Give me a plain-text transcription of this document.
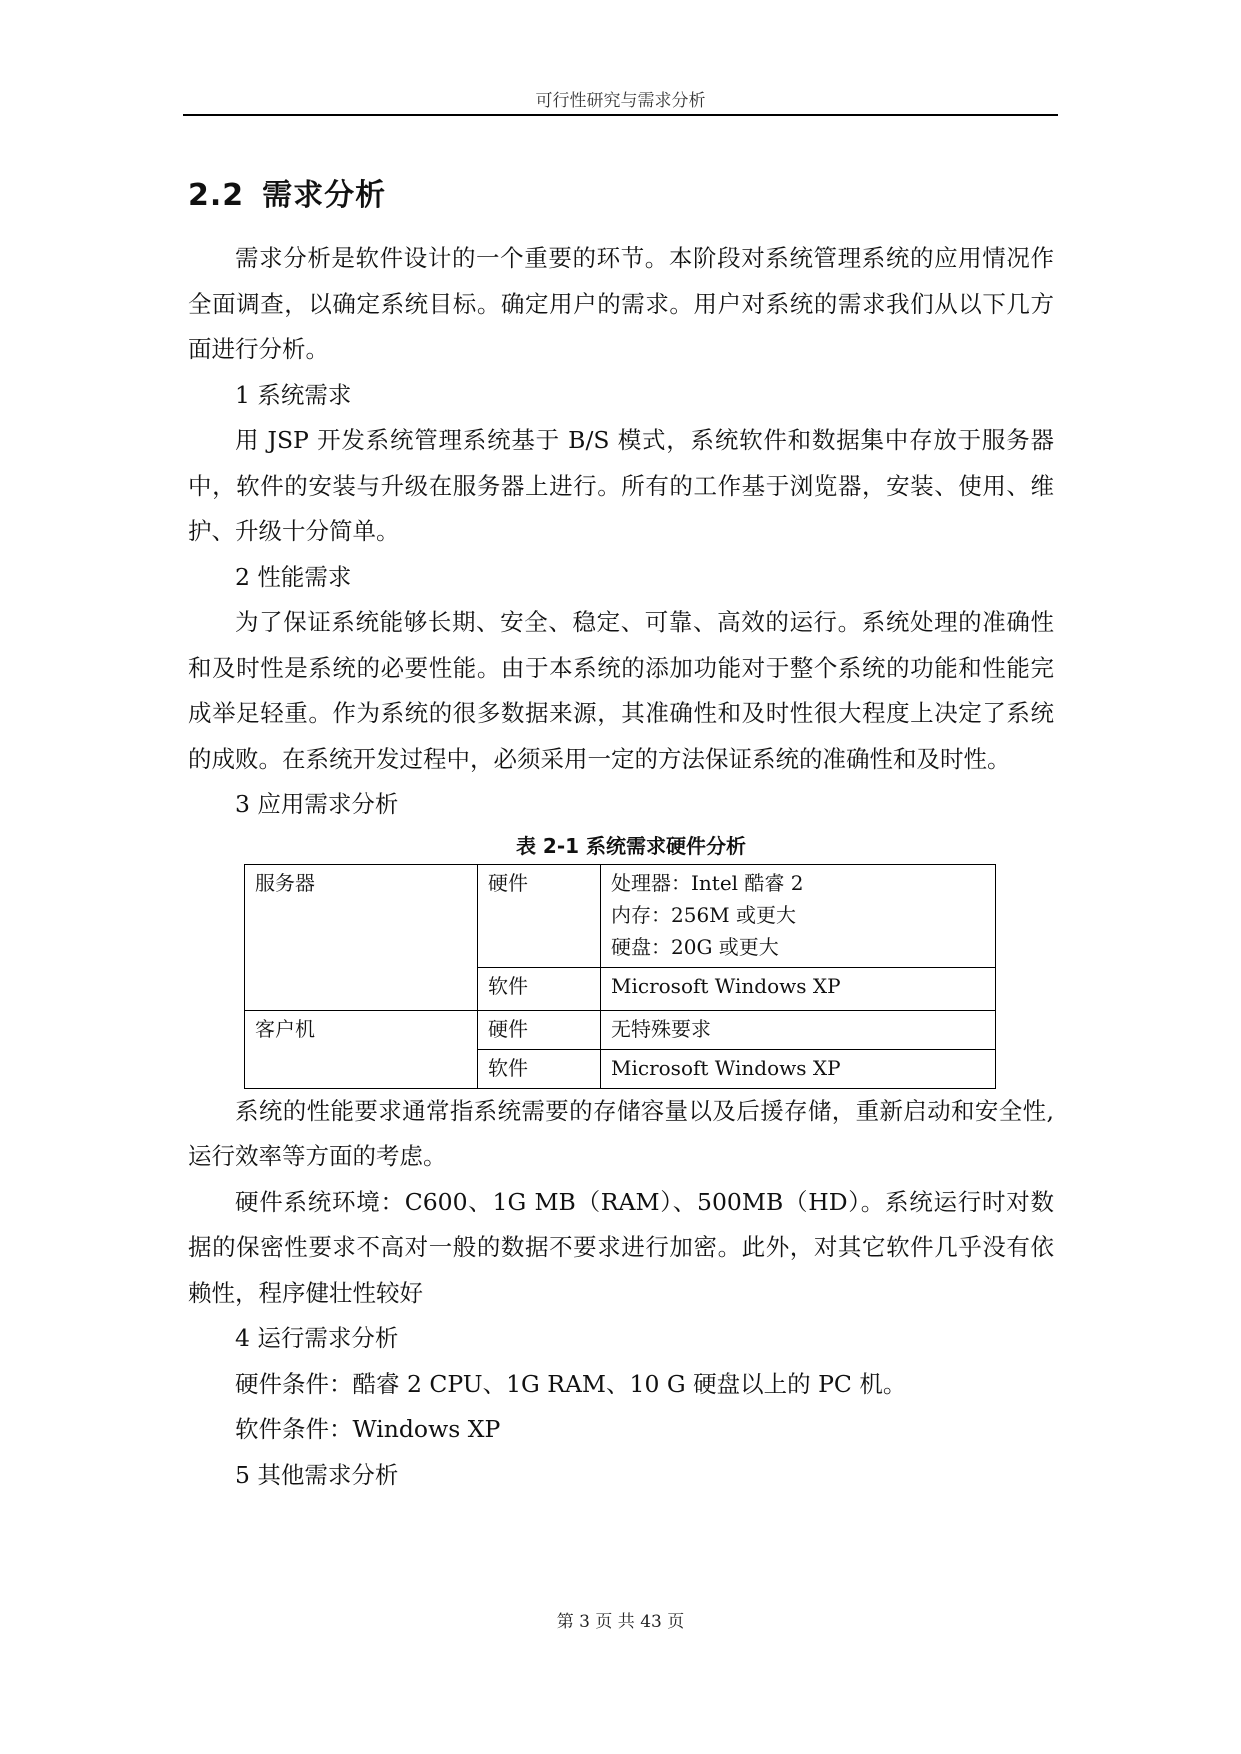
可行性研究与需求分析
2.2 需求分析

需求分析是软件设计的一个重要的环节。本阶段对系统管理系统的应用情况作全面调查，以确定系统目标。确定用户的需求。用户对系统的需求我们从以下几方面进行分析。

1 系统需求

用 JSP 开发系统管理系统基于 B/S 模式，系统软件和数据集中存放于服务器中，软件的安装与升级在服务器上进行。所有的工作基于浏览器，安装、使用、维护、升级十分简单。

2 性能需求

为了保证系统能够长期、安全、稳定、可靠、高效的运行。系统处理的准确性和及时性是系统的必要性能。由于本系统的添加功能对于整个系统的功能和性能完成举足轻重。作为系统的很多数据来源，其准确性和及时性很大程度上决定了系统的成败。在系统开发过程中，必须采用一定的方法保证系统的准确性和及时性。

3 应用需求分析

表 2-1 系统需求硬件分析
服务器	硬件	处理器：Intel 酷睿 2
内存：256M 或更大
硬盘：20G 或更大

	软件	Microsoft Windows XP

客户机	硬件	无特殊要求
	软件	Microsoft Windows XP

系统的性能要求通常指系统需要的存储容量以及后援存储，重新启动和安全性,运行效率等方面的考虑。

硬件系统环境：C600、1G MB（RAM）、500MB（HD）。系统运行时对数据的保密性要求不高对一般的数据不要求进行加密。此外，对其它软件几乎没有依赖性，程序健壮性较好

4 运行需求分析

硬件条件：酷睿 2 CPU、1G RAM、10 G 硬盘以上的 PC 机。

软件条件：Windows XP

5 其他需求分析

第 3 页 共 43 页
